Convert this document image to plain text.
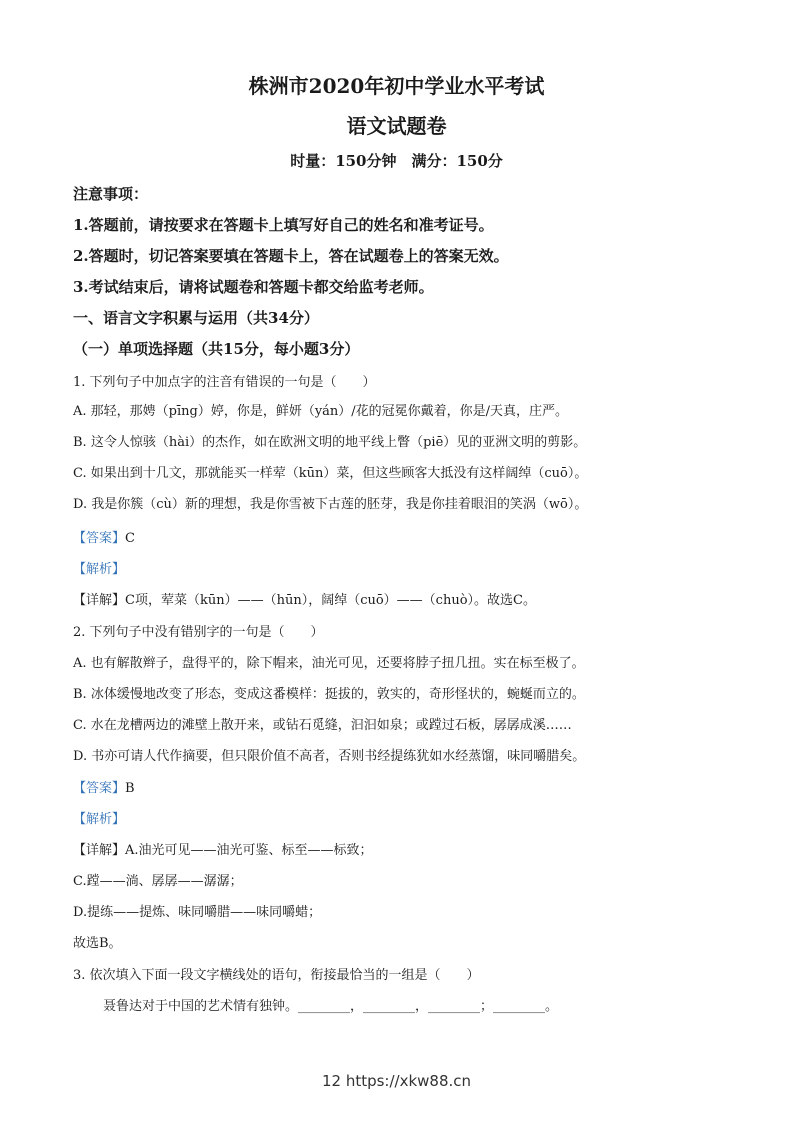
株洲市2020年初中学业水平考试
语文试题卷
时量：150分钟　满分：150分
注意事项：
1.答题前，请按要求在答题卡上填写好自己的姓名和准考证号。
2.答题时，切记答案要填在答题卡上，答在试题卷上的答案无效。
3.考试结束后，请将试题卷和答题卡都交给监考老师。
一、语言文字积累与运用（共34分）
（一）单项选择题（共15分，每小题3分）
1. 下列句子中加点字的注音有错误的一句是（　　）
A. 那轻，那娉（pīng）婷，你是，鲜妍（yán）/花的冠冕你戴着，你是/天真，庄严。
B. 这令人惊骇（hài）的杰作，如在欧洲文明的地平线上瞥（piē）见的亚洲文明的剪影。
C. 如果出到十几文，那就能买一样荤（kūn）菜，但这些顾客大抵没有这样阔绰（cuō）。
D. 我是你簇（cù）新的理想，我是你雪被下古莲的胚芽，我是你挂着眼泪的笑涡（wō）。
【答案】C
【解析】
【详解】C项，荤菜（kūn）——（hūn），阔绰（cuō）——（chuò）。故选C。
2. 下列句子中没有错别字的一句是（　　）
A. 也有解散辫子，盘得平的，除下帽来，油光可见，还要将脖子扭几扭。实在标至极了。
B. 冰体缓慢地改变了形态，变成这番模样：挺拔的，敦实的，奇形怪状的，蜿蜒而立的。
C. 水在龙槽两边的滩壁上散开来，或钻石觅缝，汩汩如泉；或蹚过石板，孱孱成溪……
D. 书亦可请人代作摘要，但只限价值不高者，否则书经提练犹如水经蒸馏，味同嚼腊矣。
【答案】B
【解析】
【详解】A.油光可见——油光可鉴、标至——标致；
C.蹚——淌、孱孱——潺潺；
D.提练——提炼、味同嚼腊——味同嚼蜡；
故选B。
3. 依次填入下面一段文字横线处的语句，衔接最恰当的一组是（　　）
聂鲁达对于中国的艺术情有独钟。________，________，________；________。
12 https://xkw88.cn
